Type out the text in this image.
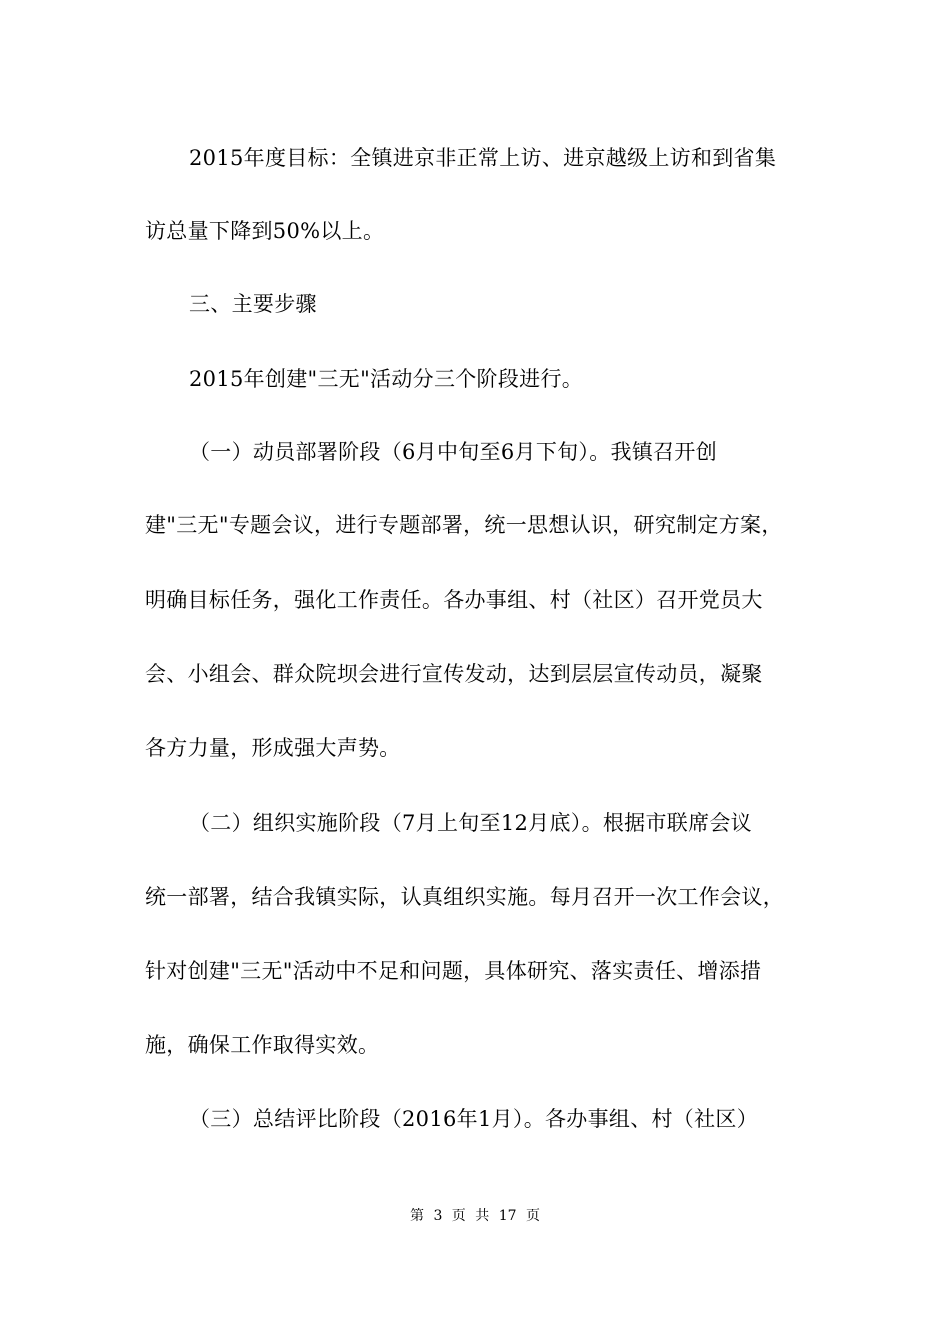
2015年度目标：全镇进京非正常上访、进京越级上访和到省集
访总量下降到50%以上。
三、主要步骤
2015年创建"三无"活动分三个阶段进行。
（一）动员部署阶段（6月中旬至6月下旬）。我镇召开创
建"三无"专题会议，进行专题部署，统一思想认识，研究制定方案，
明确目标任务，强化工作责任。各办事组、村（社区）召开党员大
会、小组会、群众院坝会进行宣传发动，达到层层宣传动员，凝聚
各方力量，形成强大声势。
（二）组织实施阶段（7月上旬至12月底）。根据市联席会议
统一部署，结合我镇实际，认真组织实施。每月召开一次工作会议，
针对创建"三无"活动中不足和问题，具体研究、落实责任、增添措
施，确保工作取得实效。
（三）总结评比阶段（2016年1月）。各办事组、村（社区）
第 3 页 共 17 页
